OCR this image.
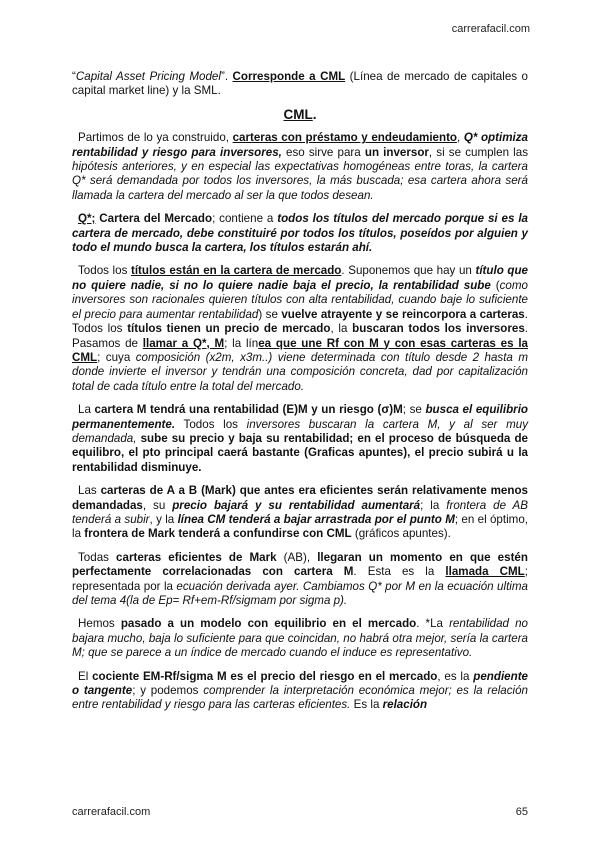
carrerafacil.com

“Capital Asset Pricing Model”. Corresponde a CML (Línea de mercado de capitales o capital market line) y la SML.

CML.

Partimos de lo ya construido, carteras con préstamo y endeudamiento, Q* optimiza rentabilidad y riesgo para inversores, eso sirve para un inversor, si se cumplen las hipótesis anteriores, y en especial las expectativas homogéneas entre toras, la cartera Q* será demandada por todos los inversores, la más buscada; esa cartera ahora será llamada la cartera del mercado al ser la que todos desean.

Q*; Cartera del Mercado; contiene a todos los títulos del mercado porque si es la cartera de mercado, debe constituiré por todos los títulos, poseídos por alguien y todo el mundo busca la cartera, los títulos estarán ahí.

Todos los títulos están en la cartera de mercado. Suponemos que hay un título que no quiere nadie, si no lo quiere nadie baja el precio, la rentabilidad sube (como inversores son racionales quieren títulos con alta rentabilidad, cuando baje lo suficiente el precio para aumentar rentabilidad) se vuelve atrayente y se reincorpora a carteras. Todos los títulos tienen un precio de mercado, la buscaran todos los inversores. Pasamos de llamar a Q*, M; la línea que une Rf con M y con esas carteras es la CML; cuya composición (x2m, x3m..) viene determinada con título desde 2 hasta m donde invierte el inversor y tendrán una composición concreta, dad por capitalización total de cada título entre la total del mercado.

La cartera M tendrá una rentabilidad (E)M y un riesgo (σ)M; se busca el equilibrio permanentemente. Todos los inversores buscaran la cartera M, y al ser muy demandada, sube su precio y baja su rentabilidad; en el proceso de búsqueda de equilibro, el pto principal caerá bastante (Graficas apuntes), el precio subirá u la rentabilidad disminuye.

Las carteras de A a B (Mark) que antes era eficientes serán relativamente menos demandadas, su precio bajará y su rentabilidad aumentará; la frontera de AB tenderá a subir, y la línea CM tenderá a bajar arrastrada por el punto M; en el óptimo, la frontera de Mark tenderá a confundirse con CML (gráficos apuntes).

Todas carteras eficientes de Mark (AB), llegaran un momento en que estén perfectamente correlacionadas con cartera M. Esta es la llamada CML; representada por la ecuación derivada ayer. Cambiamos Q* por M en la ecuación ultima del tema 4(la de Ep= Rf+em-Rf/sigmam por sigma p).

Hemos pasado a un modelo con equilibrio en el mercado. *La rentabilidad no bajara mucho, baja lo suficiente para que coincidan, no habrá otra mejor, sería la cartera M; que se parece a un índice de mercado cuando el induce es representativo.

El cociente EM-Rf/sigma M es el precio del riesgo en el mercado, es la pendiente o tangente; y podemos comprender la interpretación económica mejor; es la relación entre rentabilidad y riesgo para las carteras eficientes. Es la relación

carrerafacil.com	65
